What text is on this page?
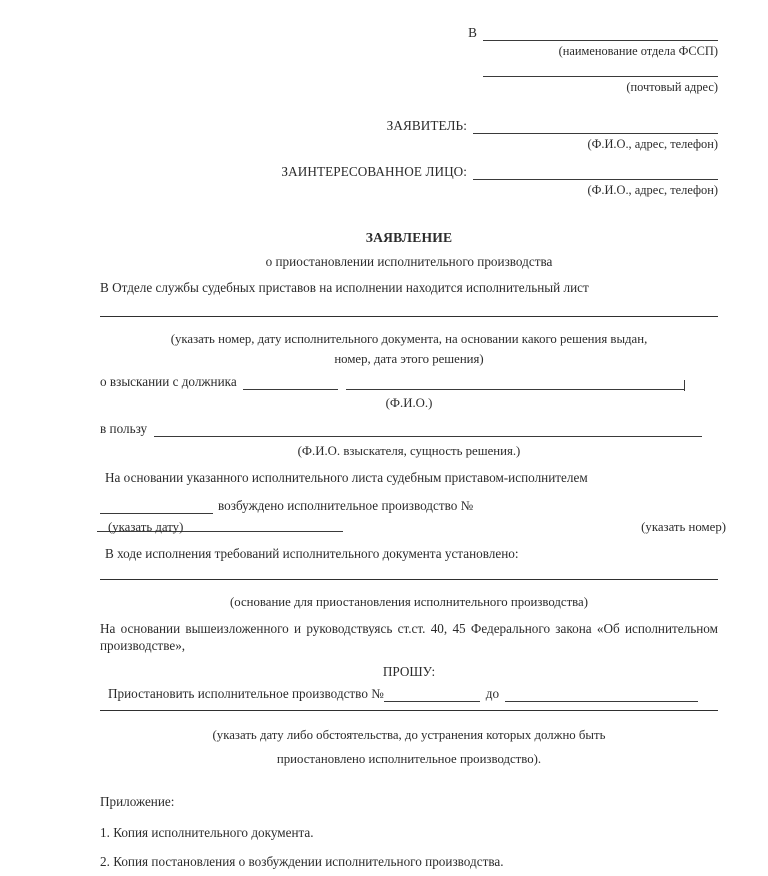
В
(наименование отдела ФССП)
(почтовый адрес)
ЗАЯВИТЕЛЬ:
(Ф.И.О., адрес, телефон)
ЗАИНТЕРЕСОВАННОЕ ЛИЦО:
(Ф.И.О., адрес, телефон)
ЗАЯВЛЕНИЕ
о приостановлении исполнительного производства
В Отделе службы судебных приставов на исполнении находится исполнительный лист
(указать номер, дату исполнительного документа, на основании какого решения выдан,
номер, дата этого решения)
о взыскании с должника
(Ф.И.О.)
в пользу
(Ф.И.О. взыскателя, сущность решения.)
На основании указанного исполнительного листа судебным приставом-исполнителем
возбуждено исполнительное производство №
(указать дату)	(указать номер)
В ходе исполнения требований исполнительного документа установлено:
(основание для приостановления исполнительного производства)
На основании вышеизложенного и руководствуясь ст.ст. 40, 45 Федерального закона «Об исполнительном производстве»,
ПРОШУ:
Приостановить исполнительное производство №	до
(указать дату либо обстоятельства, до устранения которых должно быть
приостановлено исполнительное производство).
Приложение:
1. Копия исполнительного документа.
2. Копия постановления о возбуждении исполнительного производства.
